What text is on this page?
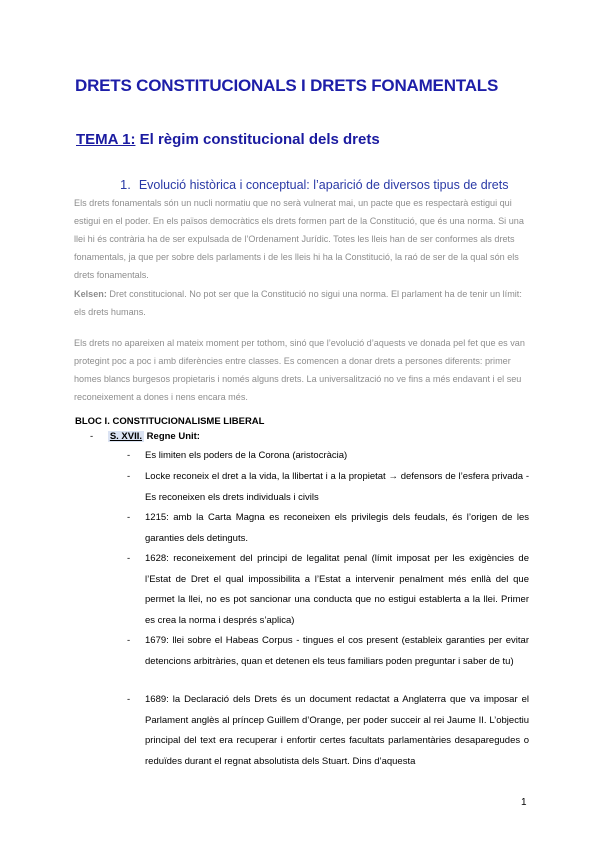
DRETS CONSTITUCIONALS I DRETS FONAMENTALS
TEMA 1: El règim constitucional dels drets
1. Evolució històrica i conceptual: l’aparició de diversos tipus de drets
Els drets fonamentals són un nucli normatiu que no serà vulnerat mai, un pacte que es respectarà estigui qui estigui en el poder. En els països democràtics els drets formen part de la Constitució, que és una norma. Si una llei hi és contrària ha de ser expulsada de l’Ordenament Jurídic. Totes les lleis han de ser conformes als drets fonamentals, ja que per sobre dels parlaments i de les lleis hi ha la Constitució, la raó de ser de la qual són els drets fonamentals.
Kelsen: Dret constitucional. No pot ser que la Constitució no sigui una norma. El parlament ha de tenir un límit: els drets humans.
Els drets no apareixen al mateix moment per tothom, sinó que l’evolució d’aquests ve donada pel fet que es van protegint poc a poc i amb diferències entre classes. Es comencen a donar drets a persones diferents: primer homes blancs burgesos propietaris i només alguns drets. La universalització no ve fins a més endavant i el seu reconeixement a dones i nens encara més.
BLOC I. CONSTITUCIONALISME LIBERAL
- S. XVII. Regne Unit:
- Es limiten els poders de la Corona (aristocràcia)
- Locke reconeix el dret a la vida, la llibertat i a la propietat → defensors de l’esfera privada - Es reconeixen els drets individuals i civils
- 1215: amb la Carta Magna es reconeixen els privilegis dels feudals, és l’origen de les garanties dels detinguts.
- 1628: reconeixement del principi de legalitat penal (límit imposat per les exigències de l’Estat de Dret el qual impossibilita a l’Estat a intervenir penalment més enllà del que permet la llei, no es pot sancionar una conducta que no estigui establerta a la llei. Primer es crea la norma i després s’aplica)
- 1679: llei sobre el Habeas Corpus - tingues el cos present (estableix garanties per evitar detencions arbitràries, quan et detenen els teus familiars poden preguntar i saber de tu)
- 1689: la Declaració dels Drets és un document redactat a Anglaterra que va imposar el Parlament anglès al príncep Guillem d’Orange, per poder succeir al rei Jaume II. L’objectiu principal del text era recuperar i enfortir certes facultats parlamentàries desaparegudes o reduïdes durant el regnat absolutista dels Stuart. Dins d’aquesta
1
